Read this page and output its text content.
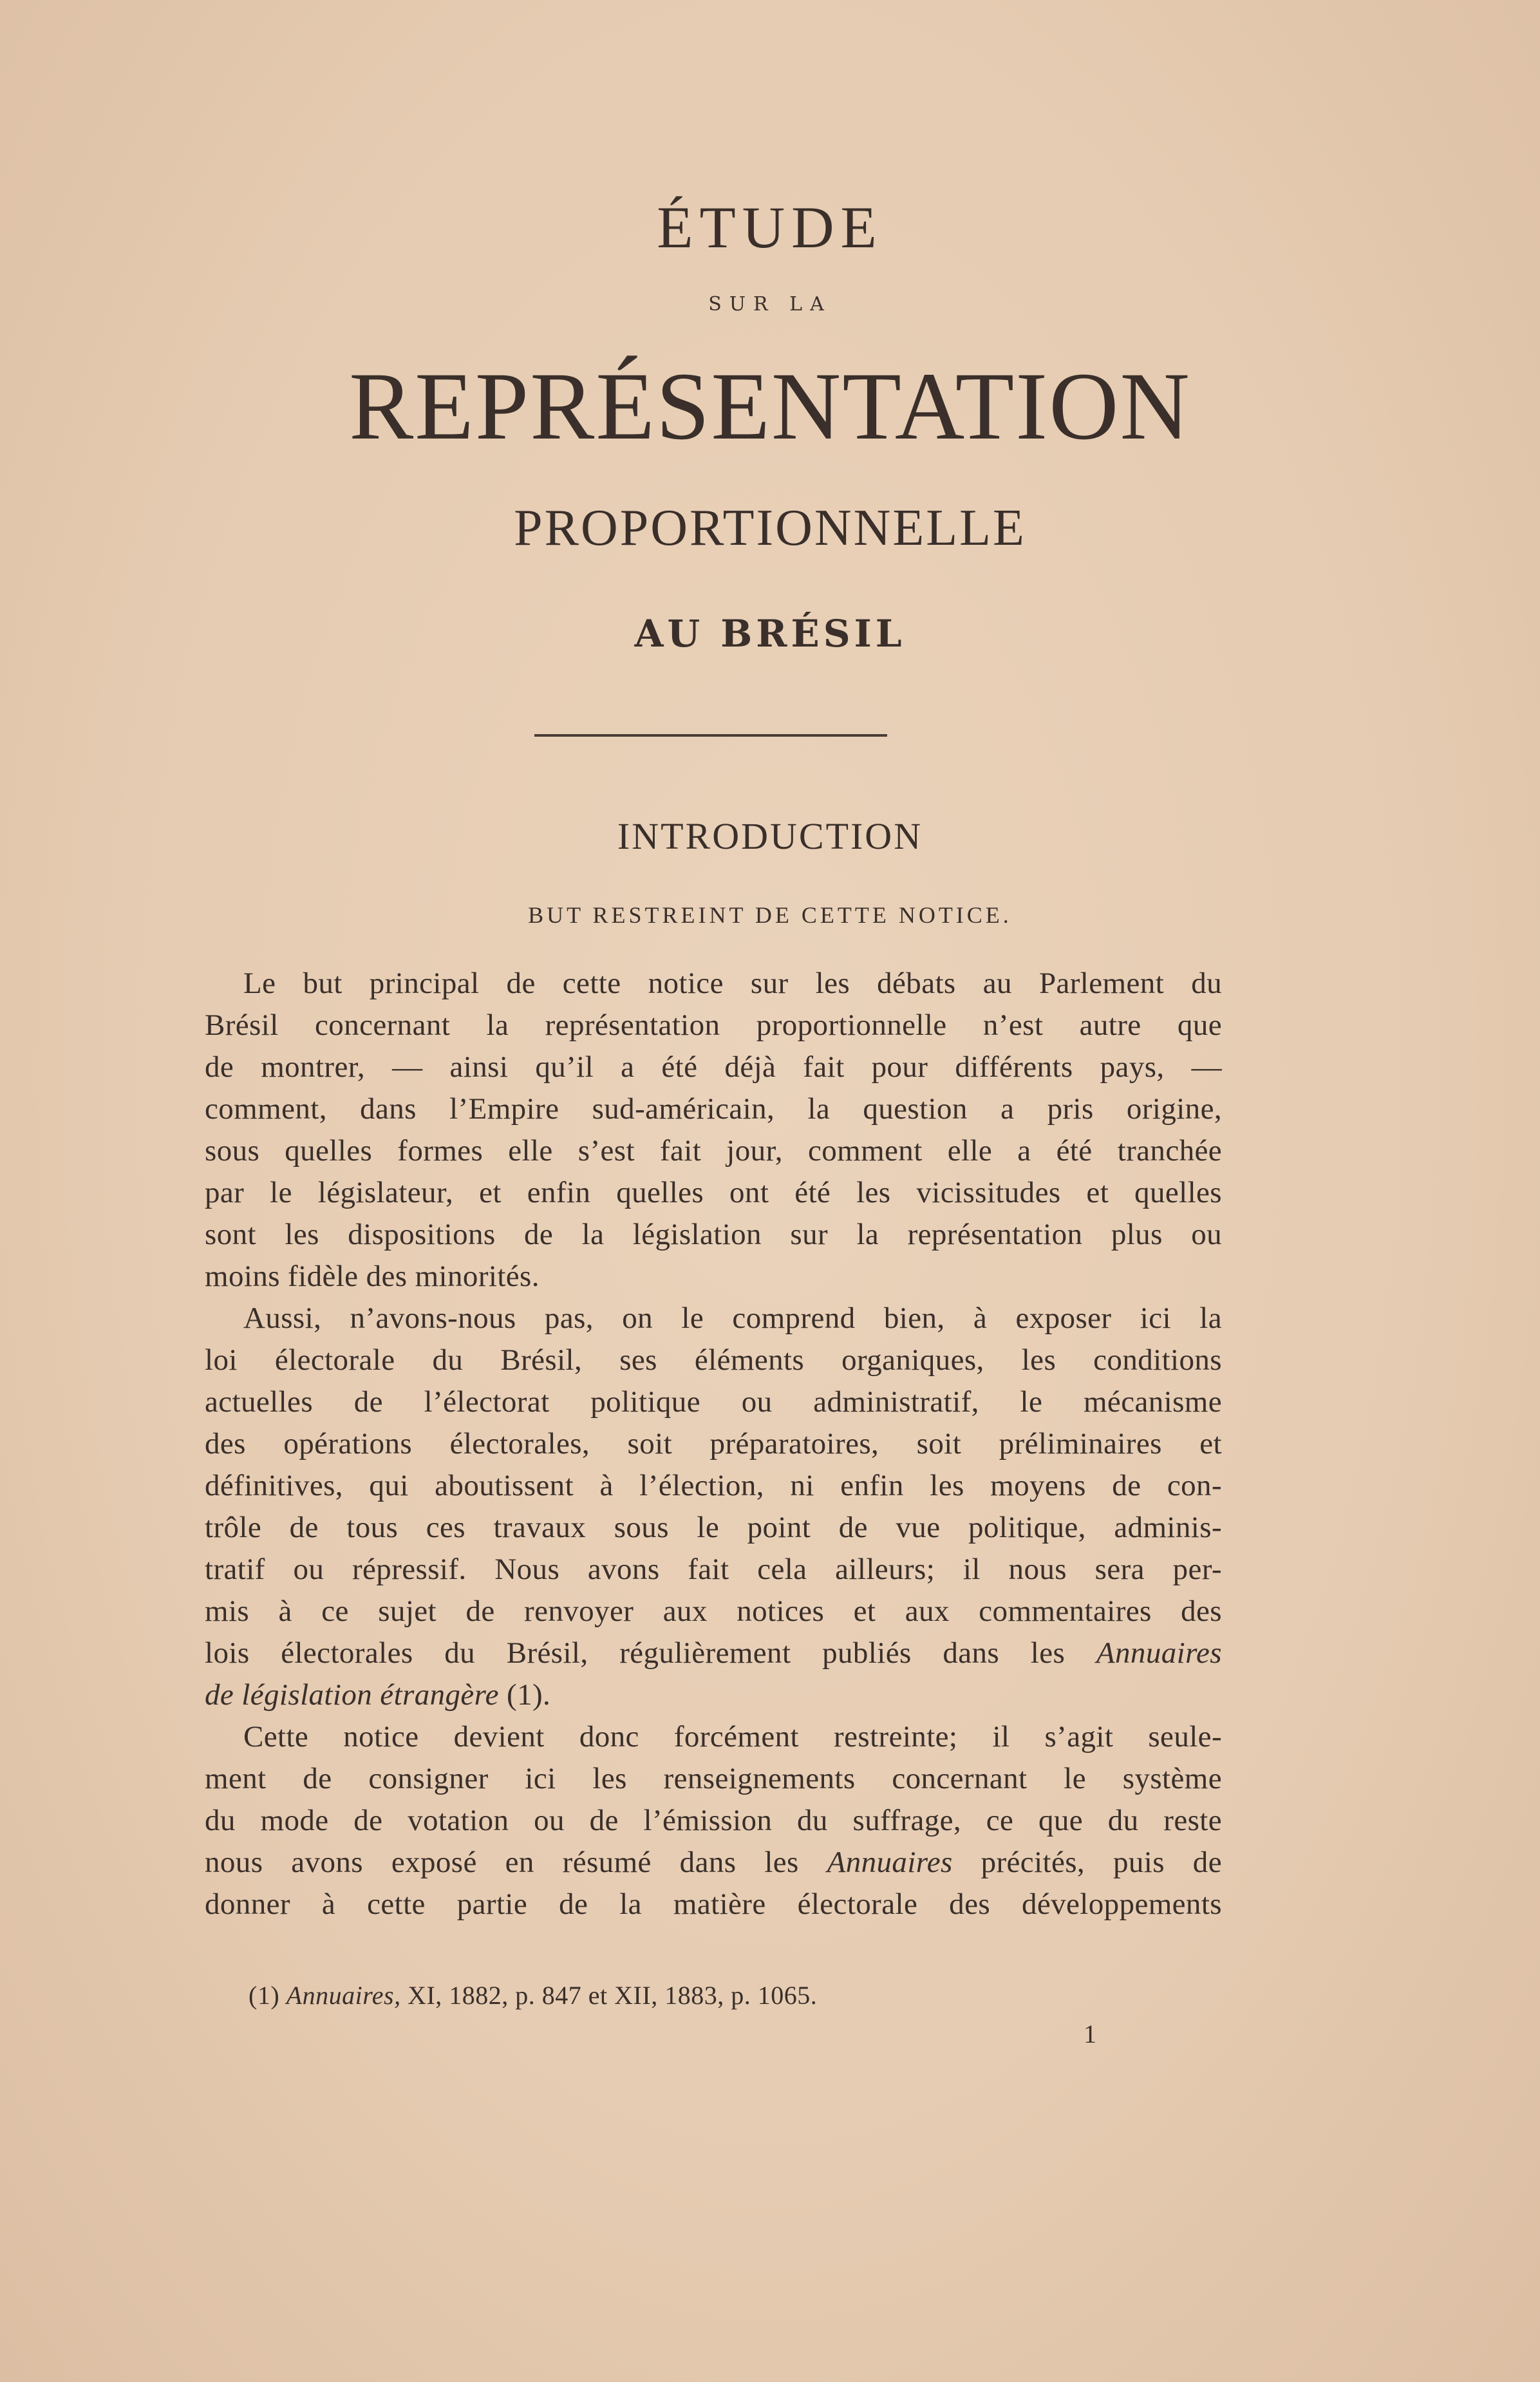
ÉTUDE
SUR LA
REPRÉSENTATION
PROPORTIONNELLE
AU BRÉSIL
INTRODUCTION
BUT RESTREINT DE CETTE NOTICE.
Le but principal de cette notice sur les débats au Parlement du
Brésil concernant la représentation proportionnelle n’est autre que
de montrer, — ainsi qu’il a été déjà fait pour différents pays, —
comment, dans l’Empire sud-américain, la question a pris origine,
sous quelles formes elle s’est fait jour, comment elle a été tranchée
par le législateur, et enfin quelles ont été les vicissitudes et quelles
sont les dispositions de la législation sur la représentation plus ou
moins fidèle des minorités.
Aussi, n’avons-nous pas, on le comprend bien, à exposer ici la
loi électorale du Brésil, ses éléments organiques, les conditions
actuelles de l’électorat politique ou administratif, le mécanisme
des opérations électorales, soit préparatoires, soit préliminaires et
définitives, qui aboutissent à l’élection, ni enfin les moyens de con-
trôle de tous ces travaux sous le point de vue politique, adminis-
tratif ou répressif. Nous avons fait cela ailleurs; il nous sera per-
mis à ce sujet de renvoyer aux notices et aux commentaires des
lois électorales du Brésil, régulièrement publiés dans les Annuaires
de législation étrangère (1).
Cette notice devient donc forcément restreinte; il s’agit seule-
ment de consigner ici les renseignements concernant le système
du mode de votation ou de l’émission du suffrage, ce que du reste
nous avons exposé en résumé dans les Annuaires précités, puis de
donner à cette partie de la matière électorale des développements
(1) Annuaires, XI, 1882, p. 847 et XII, 1883, p. 1065.
1
